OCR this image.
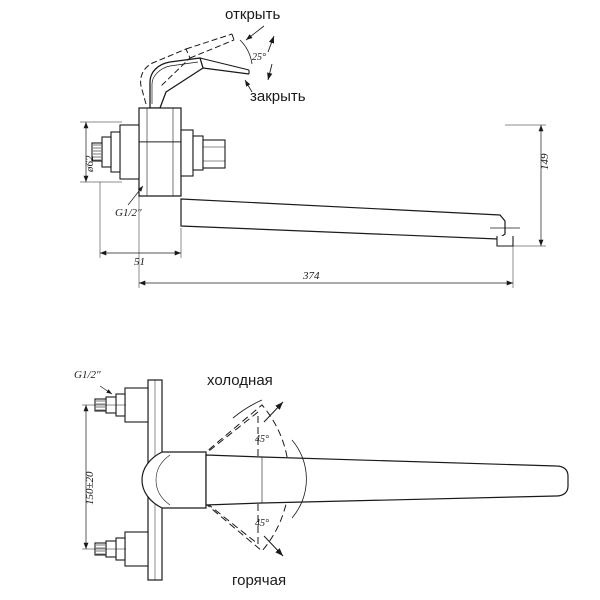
открыть
закрыть
25°
ø62
G1/2"
51
374
149
G1/2"	холодная
горячая
45°
45°
150±20
